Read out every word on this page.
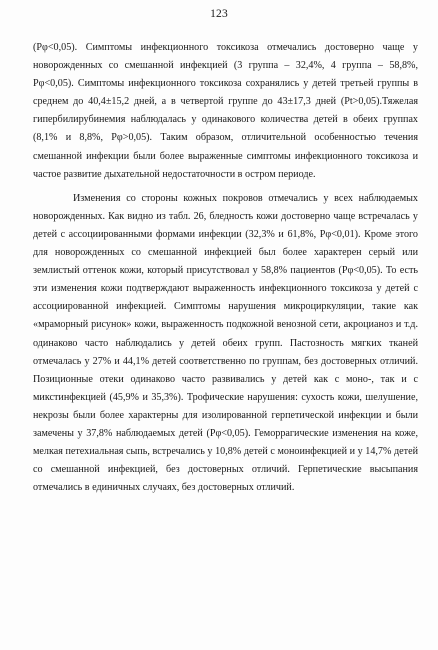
123

(Pφ<0,05). Симптомы инфекционного токсикоза отмечались достоверно чаще у новорожденных со смешанной инфекцией (3 группа – 32,4%, 4 группа – 58,8%, Pφ<0,05). Симптомы инфекционного токсикоза сохранялись у детей третьей группы в среднем до 40,4±15,2 дней, а в четвертой группе до 43±17,3 дней (Pt>0,05).Тяжелая гипербилирубинемия наблюдалась у одинакового количества детей в обеих группах (8,1% и 8,8%, Pφ>0,05). Таким образом, отличительной особенностью течения смешанной инфекции были более выраженные симптомы инфекционного токсикоза и частое развитие дыхательной недостаточности в остром периоде.

Изменения со стороны кожных покровов отмечались у всех наблюдаемых новорожденных. Как видно из табл. 26, бледность кожи достоверно чаще встречалась у детей с ассоциированными формами инфекции (32,3% и 61,8%, Pφ<0,01). Кроме этого для новорожденных со смешанной инфекцией был более характерен серый или землистый оттенок кожи, который присутствовал у 58,8% пациентов (Pφ<0,05). То есть эти изменения кожи подтверждают выраженность инфекционного токсикоза у детей с ассоциированной инфекцией. Симптомы нарушения микроциркуляции, такие как «мраморный рисунок» кожи, выраженность подкожной венозной сети, акроцианоз и т.д. одинаково часто наблюдались у детей обеих групп. Пастозность мягких тканей отмечалась у 27% и 44,1% детей соответственно по группам, без достоверных отличий. Позиционные отеки одинаково часто развивались у детей как с моно-, так и с микстинфекцией (45,9% и 35,3%). Трофические нарушения: сухость кожи, шелушение, некрозы были более характерны для изолированной герпетической инфекции и были замечены у 37,8% наблюдаемых детей (Pφ<0,05). Геморрагические изменения на коже, мелкая петехиальная сыпь, встречались у 10,8% детей с моноинфекцией и у 14,7% детей со смешанной инфекцией, без достоверных отличий. Герпетические высыпания отмечались в единичных случаях, без достоверных отличий.
